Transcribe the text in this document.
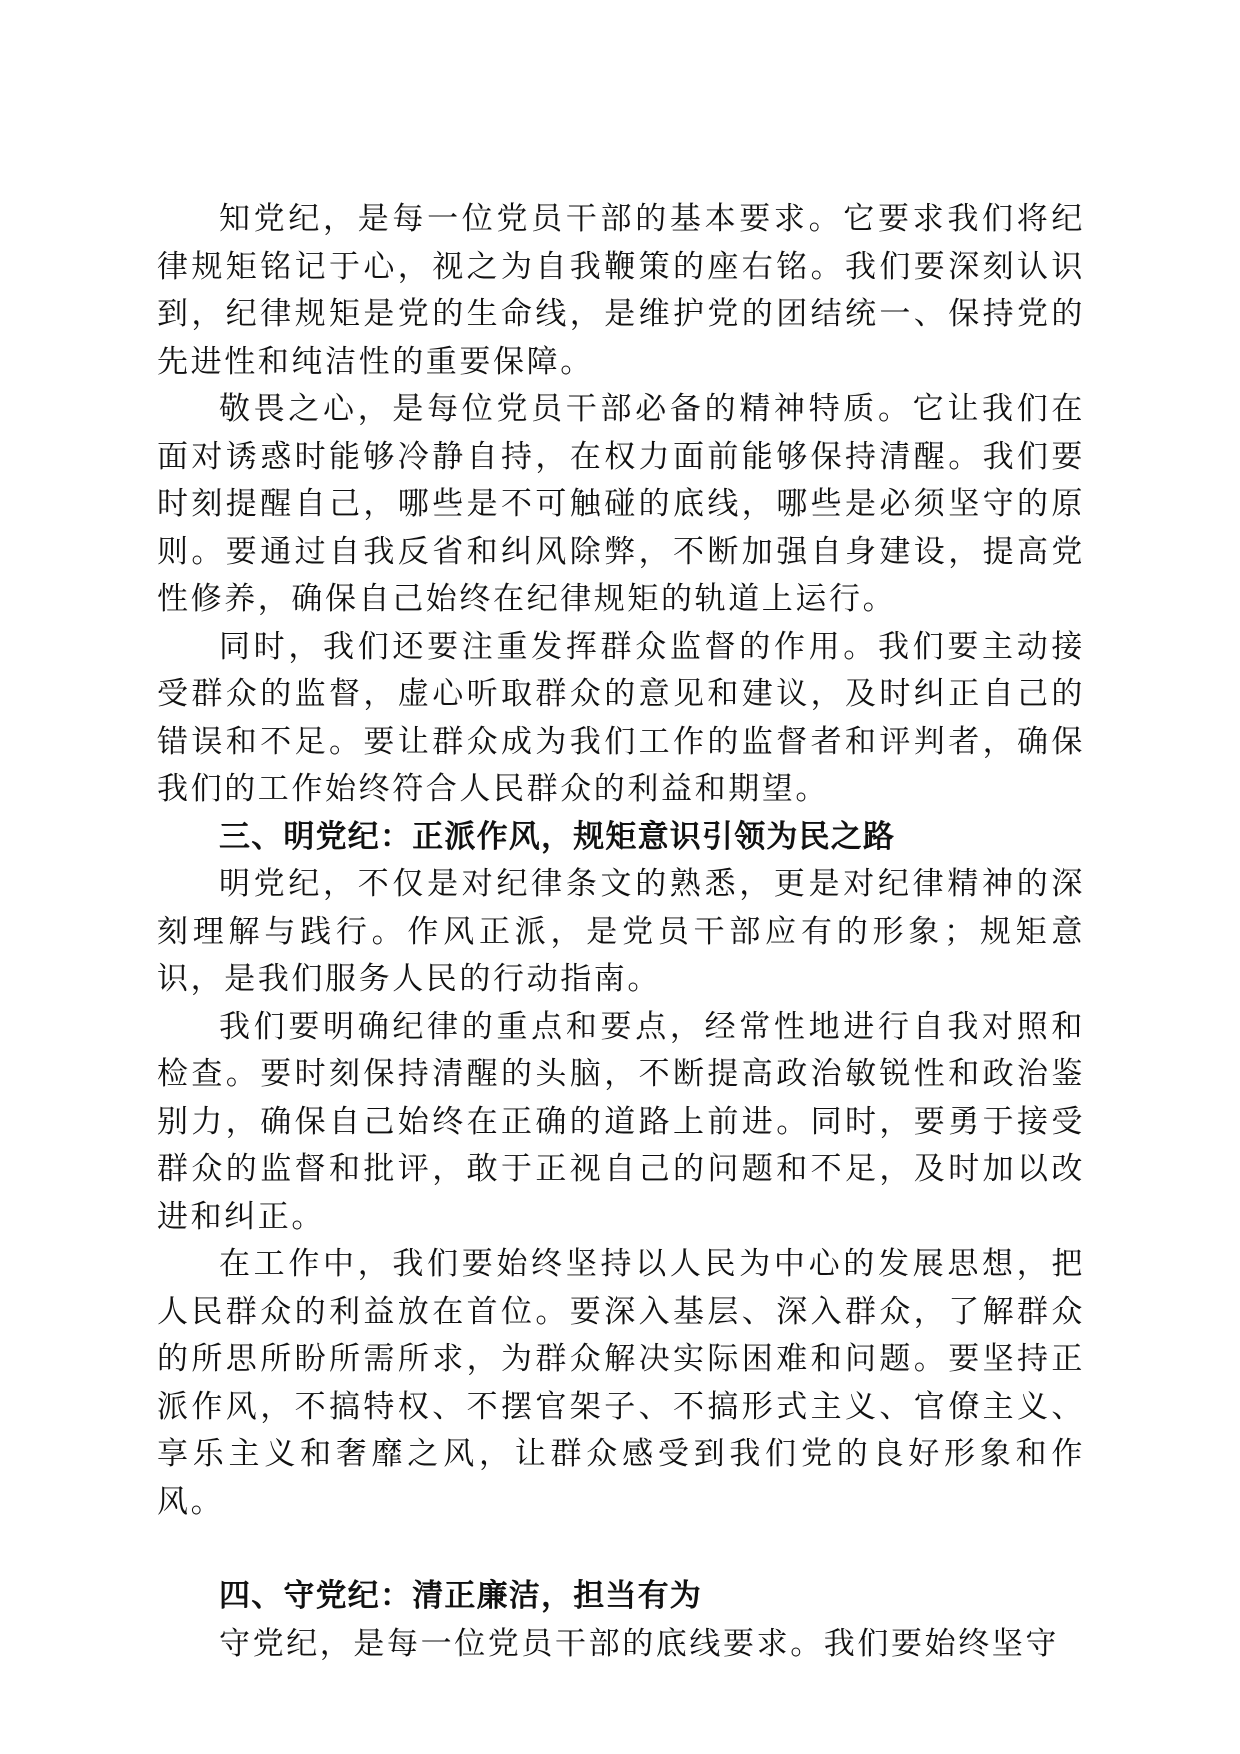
知党纪，是每一位党员干部的基本要求。它要求我们将纪律规矩铭记于心，视之为自我鞭策的座右铭。我们要深刻认识到，纪律规矩是党的生命线，是维护党的团结统一、保持党的先进性和纯洁性的重要保障。

敬畏之心，是每位党员干部必备的精神特质。它让我们在面对诱惑时能够冷静自持，在权力面前能够保持清醒。我们要时刻提醒自己，哪些是不可触碰的底线，哪些是必须坚守的原则。要通过自我反省和纠风除弊，不断加强自身建设，提高党性修养，确保自己始终在纪律规矩的轨道上运行。

同时，我们还要注重发挥群众监督的作用。我们要主动接受群众的监督，虚心听取群众的意见和建议，及时纠正自己的错误和不足。要让群众成为我们工作的监督者和评判者，确保我们的工作始终符合人民群众的利益和期望。

三、明党纪：正派作风，规矩意识引领为民之路

明党纪，不仅是对纪律条文的熟悉，更是对纪律精神的深刻理解与践行。作风正派，是党员干部应有的形象；规矩意识，是我们服务人民的行动指南。

我们要明确纪律的重点和要点，经常性地进行自我对照和检查。要时刻保持清醒的头脑，不断提高政治敏锐性和政治鉴别力，确保自己始终在正确的道路上前进。同时，要勇于接受群众的监督和批评，敢于正视自己的问题和不足，及时加以改进和纠正。

在工作中，我们要始终坚持以人民为中心的发展思想，把人民群众的利益放在首位。要深入基层、深入群众，了解群众的所思所盼所需所求，为群众解决实际困难和问题。要坚持正派作风，不搞特权、不摆官架子、不搞形式主义、官僚主义、享乐主义和奢靡之风，让群众感受到我们党的良好形象和作风。

四、守党纪：清正廉洁，担当有为

守党纪，是每一位党员干部的底线要求。我们要始终坚守
